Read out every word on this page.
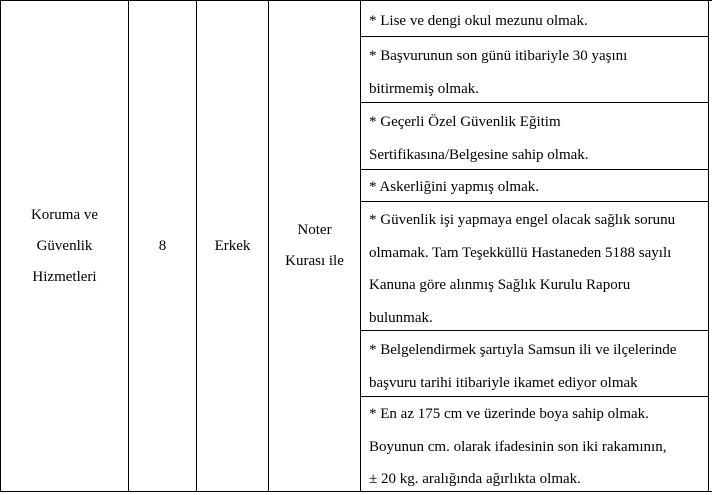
Koruma ve
Güvenlik
Hizmetleri
8	Erkek
Noter
Kurası ile
* Lise ve dengi okul mezunu olmak.
* Başvurunun son günü itibariyle 30 yaşını
bitirmemiş olmak.
* Geçerli Özel Güvenlik Eğitim
Sertifikasına/Belgesine sahip olmak.
* Askerliğini yapmış olmak.
* Güvenlik işi yapmaya engel olacak sağlık sorunu
olmamak. Tam Teşekküllü Hastaneden 5188 sayılı
Kanuna göre alınmış Sağlık Kurulu Raporu
bulunmak.
* Belgelendirmek şartıyla Samsun ili ve ilçelerinde
başvuru tarihi itibariyle ikamet ediyor olmak
* En az 175 cm ve üzerinde boya sahip olmak.
Boyunun cm. olarak ifadesinin son iki rakamının,
± 20 kg. aralığında ağırlıkta olmak.
